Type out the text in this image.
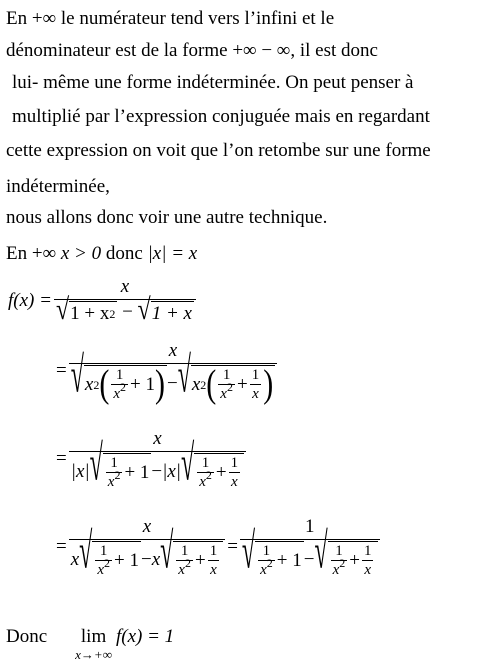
En +∞ le numérateur tend vers l’infini et le
dénominateur est de la forme +∞ − ∞, il est donc
lui- même une forme indéterminée. On peut penser à
multiplié par l’expression conjuguée mais en regardant
cette expression on voit que l’on retombe sur une forme
indéterminée,
nous allons donc voir une autre technique.
En +∞ x > 0 donc |x| = x
$f(x) = \frac{x}{√ 1 + x 2 - √ 1 + x}$
=
x
√ x 2 ( $\frac{1}{x^2} + 1$ ) − √ x 2 ( $\frac{1}{x^2} + \frac{1}{x}$ )
=
x
|x| √ $\frac{1}{x^2} + 1 - |x|$ √ $\frac{1}{x^2} + \frac{1}{x}$
=
x
x √ $\frac{1}{x^2} + 1 - x$ √ $\frac{1}{x^2} + \frac{1}{x}$ =
1
√ $\frac{1}{x^2} + 1$ − √ $\frac{1}{x^2} + \frac{1}{x}$
Donc lim
x→+∞
f(x) = 1
